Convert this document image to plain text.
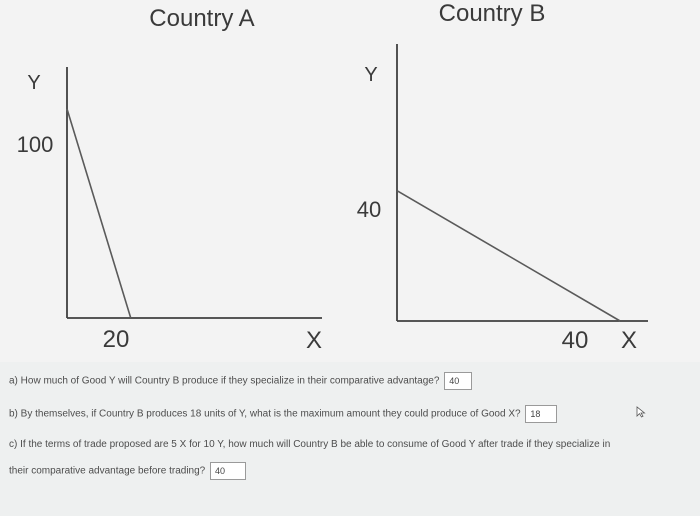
Country A
Y
100
20	X
Country B
Y
40
40 X
a) How much of Good Y will Country B produce if they specialize in their comparative advantage? 40
b) By themselves, if Country B produces 18 units of Y, what is the maximum amount they could produce of Good X? 18
c) If the terms of trade proposed are 5 X for 10 Y, how much will Country B be able to consume of Good Y after trade if they specialize in
their comparative advantage before trading? 40
